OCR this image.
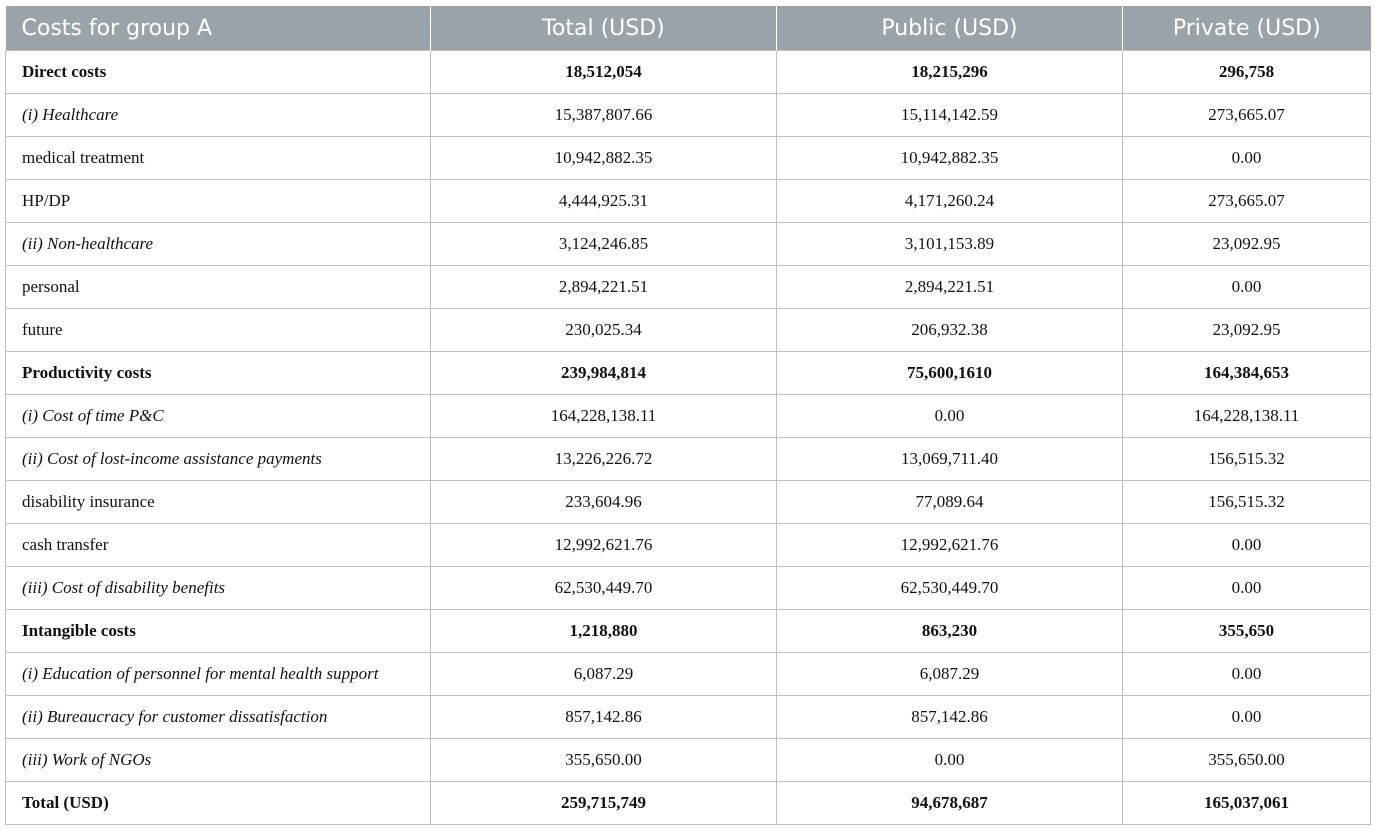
Costs for group A	Total (USD)	Public (USD)	Private (USD)
Direct costs	18,512,054	18,215,296	296,758
(i) Healthcare	15,387,807.66	15,114,142.59	273,665.07
medical treatment	10,942,882.35	10,942,882.35	0.00
HP/DP	4,444,925.31	4,171,260.24	273,665.07
(ii) Non-healthcare	3,124,246.85	3,101,153.89	23,092.95
personal	2,894,221.51	2,894,221.51	0.00
future	230,025.34	206,932.38	23,092.95
Productivity costs	239,984,814	75,600,1610	164,384,653
(i) Cost of time P&C	164,228,138.11	0.00	164,228,138.11
(ii) Cost of lost-income assistance payments	13,226,226.72	13,069,711.40	156,515.32
disability insurance	233,604.96	77,089.64	156,515.32
cash transfer	12,992,621.76	12,992,621.76	0.00
(iii) Cost of disability benefits	62,530,449.70	62,530,449.70	0.00
Intangible costs	1,218,880	863,230	355,650
(i) Education of personnel for mental health support	6,087.29	6,087.29	0.00
(ii) Bureaucracy for customer dissatisfaction	857,142.86	857,142.86	0.00
(iii) Work of NGOs	355,650.00	0.00	355,650.00
Total (USD)	259,715,749	94,678,687	165,037,061
